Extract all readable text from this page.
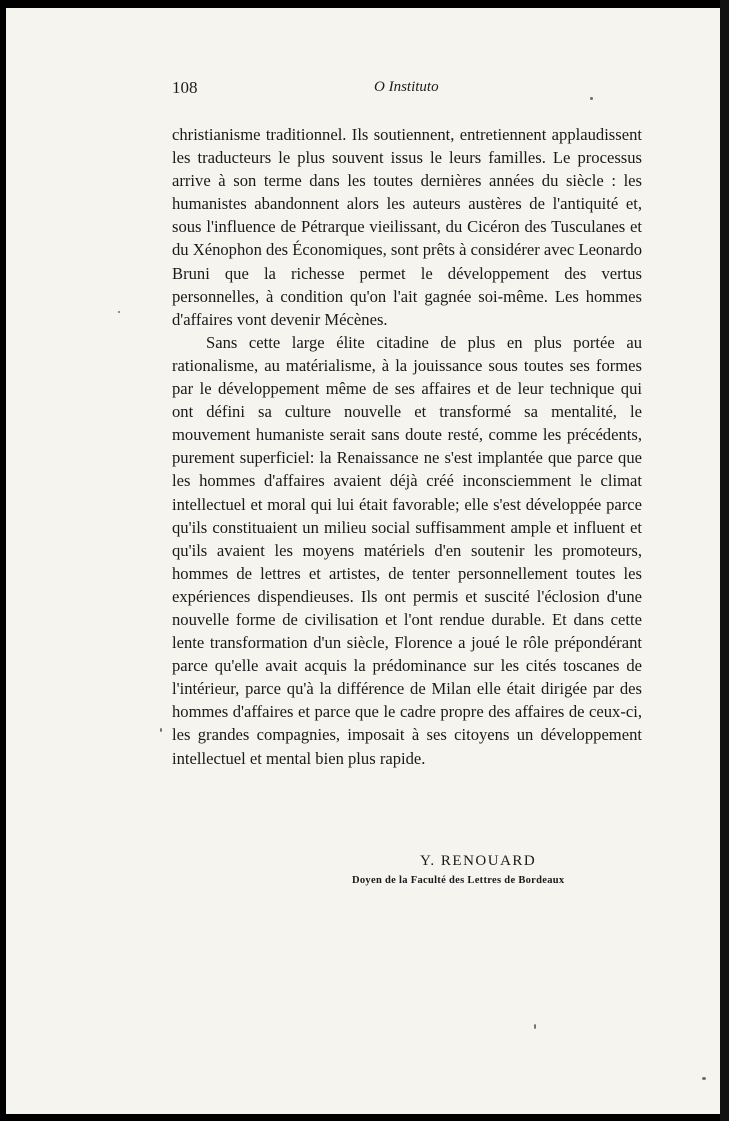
108	O Instituto

christianisme traditionnel. Ils soutiennent, entretiennent applaudissent les traducteurs le plus souvent issus le leurs familles. Le processus arrive à son terme dans les toutes dernières années du siècle : les humanistes abandonnent alors les auteurs austères de l'antiquité et, sous l'influence de Pétrarque vieilissant, du Cicéron des Tusculanes et du Xénophon des Économiques, sont prêts à considérer avec Leonardo Bruni que la richesse permet le développement des vertus personnelles, à condition qu'on l'ait gagnée soi-même. Les hommes d'affaires vont devenir Mécènes.

Sans cette large élite citadine de plus en plus portée au rationalisme, au matérialisme, à la jouissance sous toutes ses formes par le développement même de ses affaires et de leur technique qui ont défini sa culture nouvelle et transformé sa mentalité, le mouvement humaniste serait sans doute resté, comme les précédents, purement superficiel: la Renaissance ne s'est implantée que parce que les hommes d'affaires avaient déjà créé inconsciemment le climat intellectuel et moral qui lui était favorable; elle s'est développée parce qu'ils constituaient un milieu social suffisamment ample et influent et qu'ils avaient les moyens matériels d'en soutenir les promoteurs, hommes de lettres et artistes, de tenter personnellement toutes les expériences dispendieuses. Ils ont permis et suscité l'éclosion d'une nouvelle forme de civilisation et l'ont rendue durable. Et dans cette lente transformation d'un siècle, Florence a joué le rôle prépondérant parce qu'elle avait acquis la prédominance sur les cités toscanes de l'intérieur, parce qu'à la différence de Milan elle était dirigée par des hommes d'affaires et parce que le cadre propre des affaires de ceux-ci, les grandes compagnies, imposait à ses citoyens un développement intellectuel et mental bien plus rapide.

Y. RENOUARD
Doyen de la Faculté des Lettres de Bordeaux
